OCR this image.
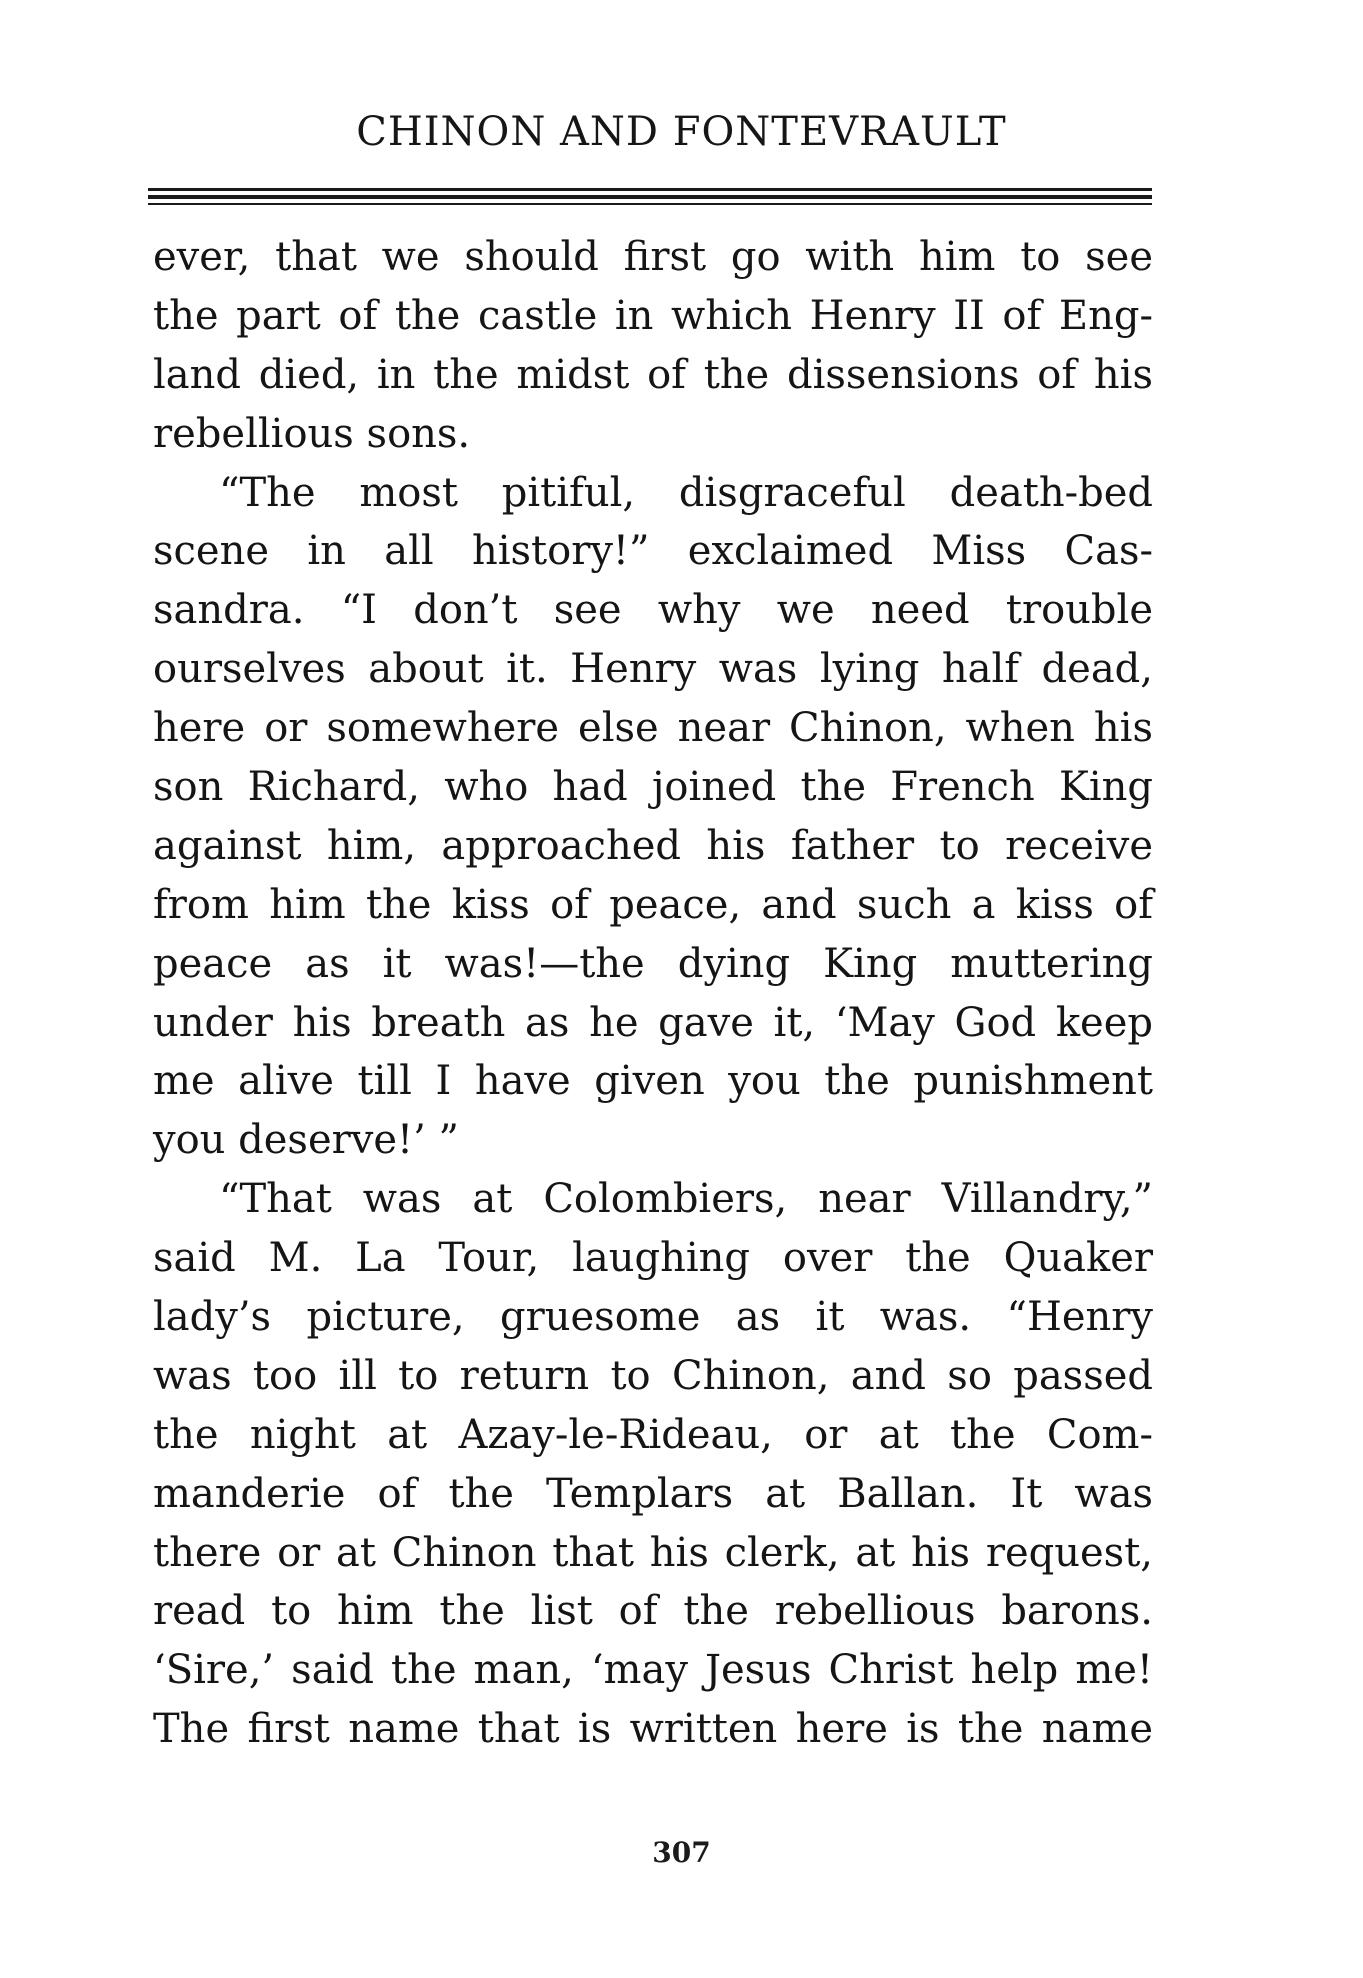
CHINON AND FONTEVRAULT
ever, that we should first go with him to see
the part of the castle in which Henry II of Eng-
land died, in the midst of the dissensions of his
rebellious sons.
“The most pitiful, disgraceful death-bed
scene in all history!” exclaimed Miss Cas-
sandra. “I don’t see why we need trouble
ourselves about it. Henry was lying half dead,
here or somewhere else near Chinon, when his
son Richard, who had joined the French King
against him, approached his father to receive
from him the kiss of peace, and such a kiss of
peace as it was!—the dying King muttering
under his breath as he gave it, ‘May God keep
me alive till I have given you the punishment
you deserve!’ ”
“That was at Colombiers, near Villandry,”
said M. La Tour, laughing over the Quaker
lady’s picture, gruesome as it was. “Henry
was too ill to return to Chinon, and so passed
the night at Azay-le-Rideau, or at the Com-
manderie of the Templars at Ballan. It was
there or at Chinon that his clerk, at his request,
read to him the list of the rebellious barons.
‘Sire,’ said the man, ‘may Jesus Christ help me!
The first name that is written here is the name
307
